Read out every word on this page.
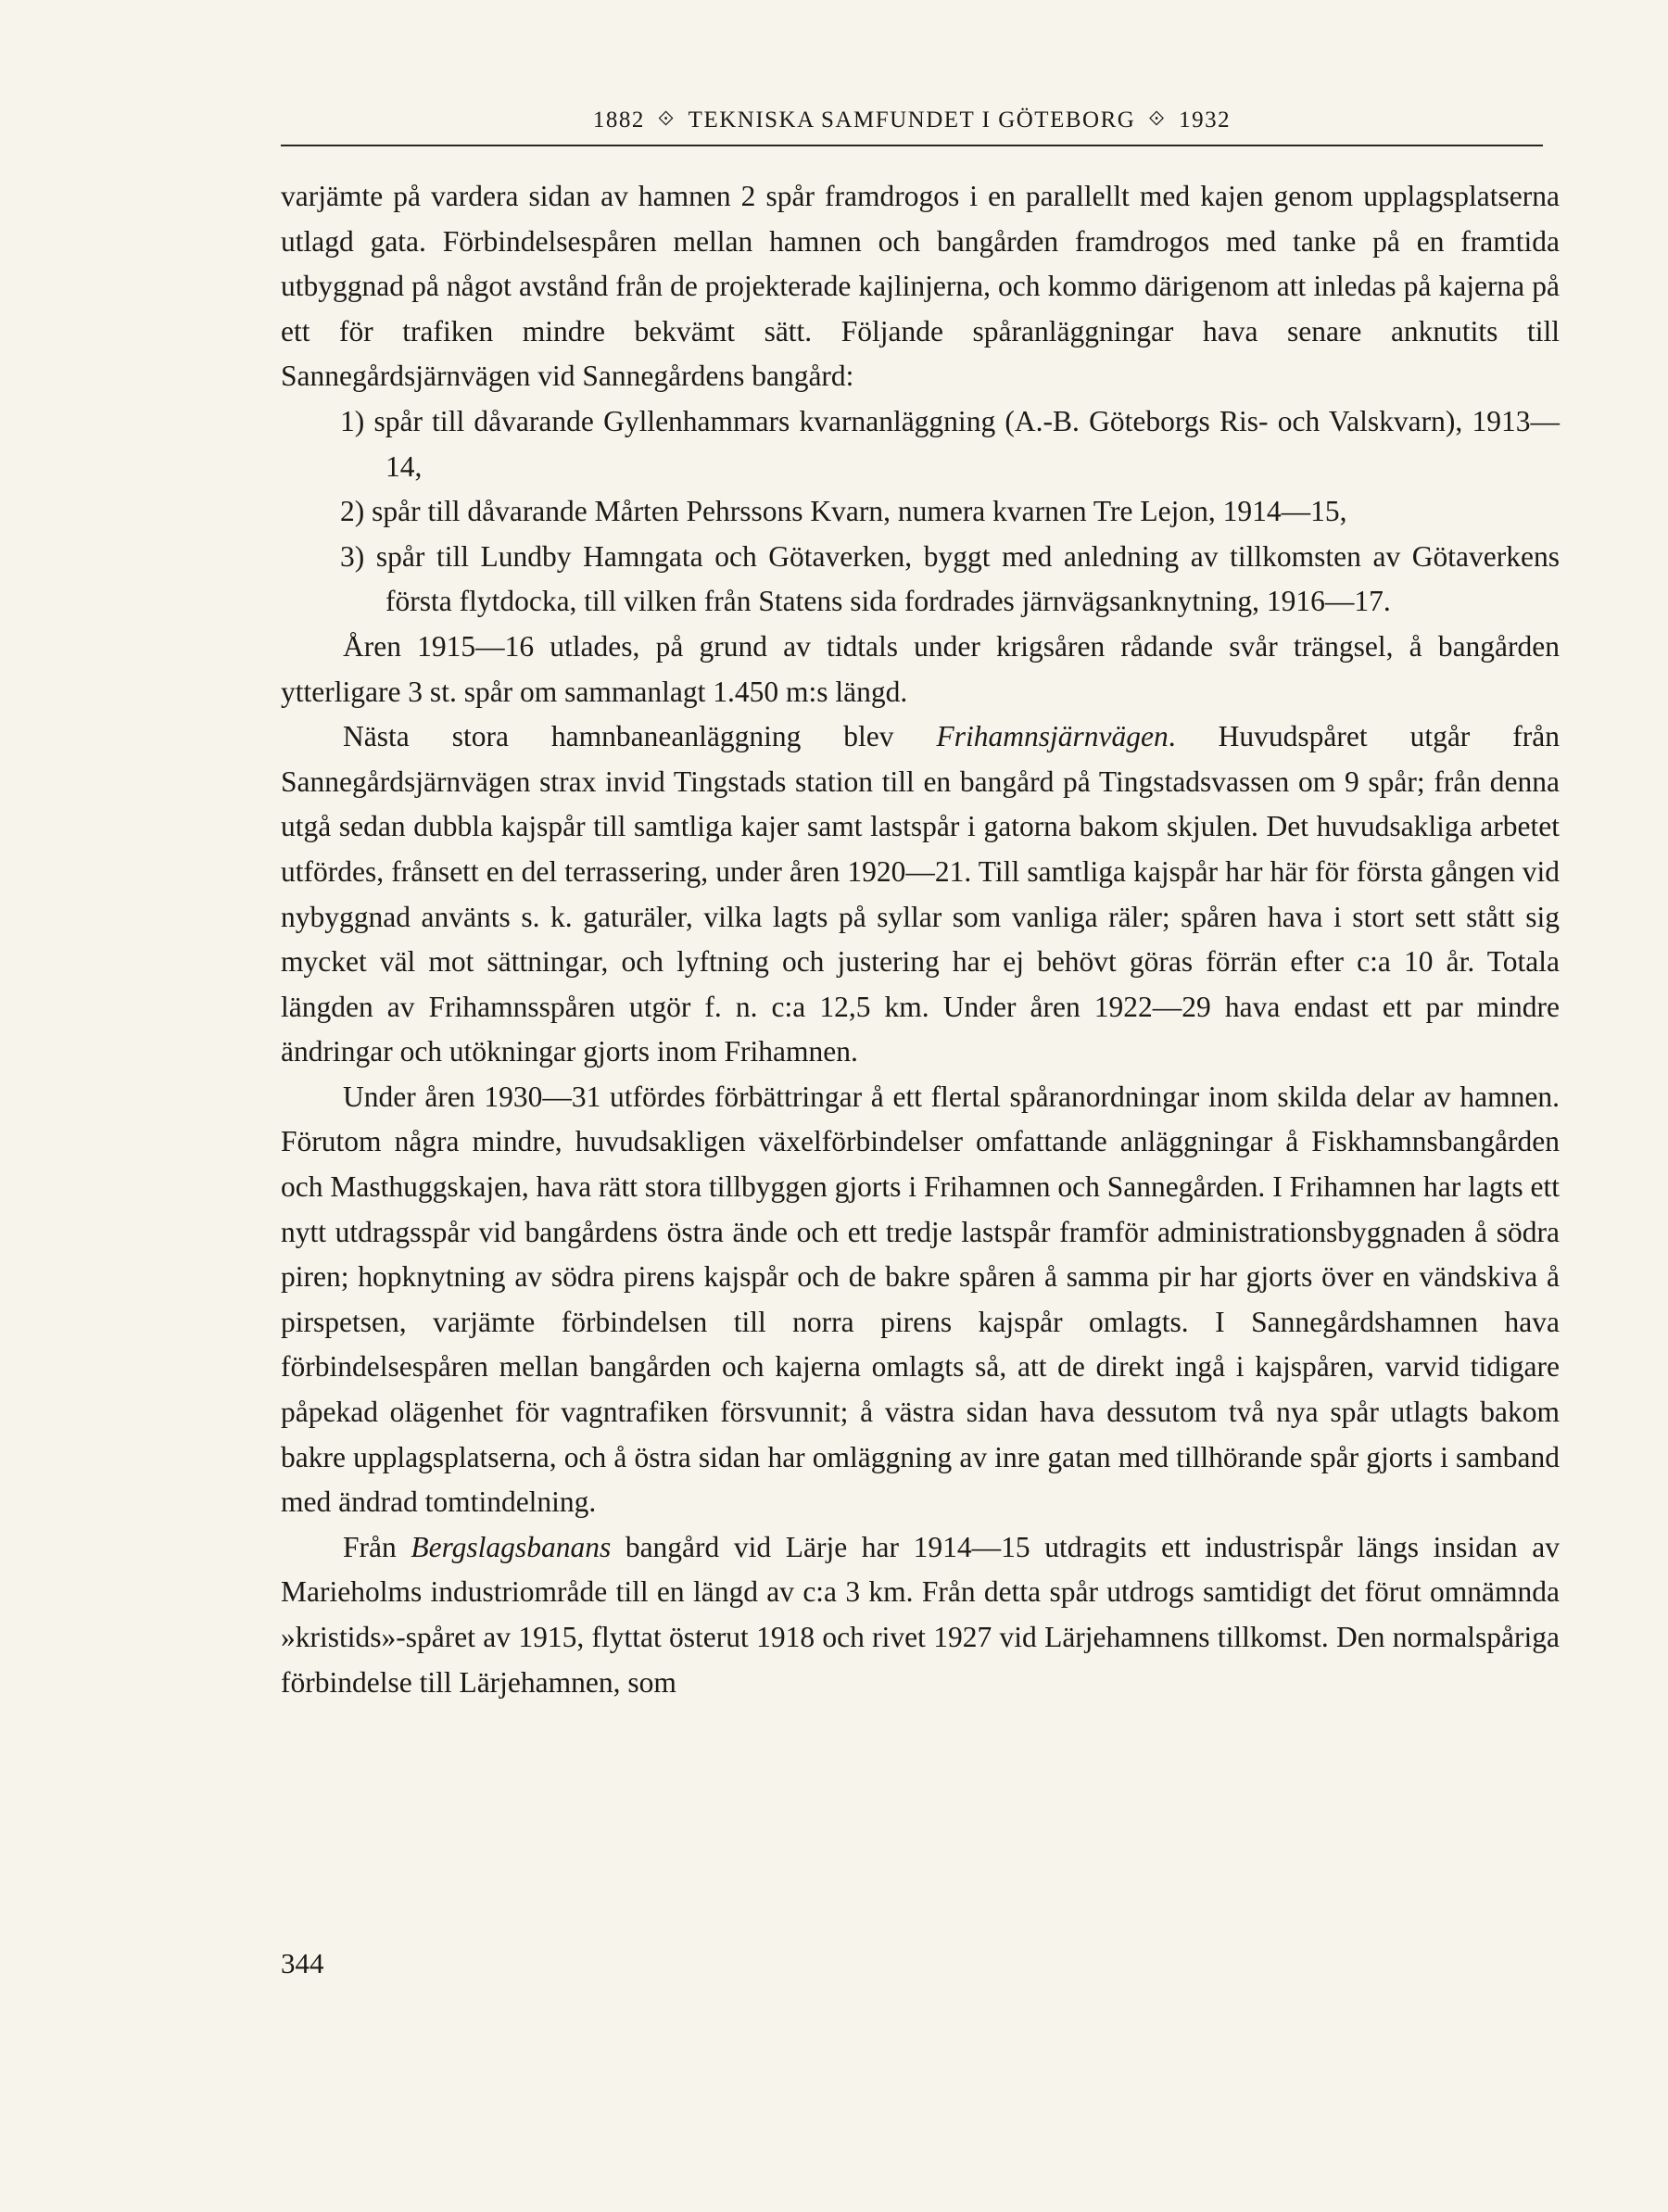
1882 ⟐ TEKNISKA SAMFUNDET I GÖTEBORG ⟐ 1932

varjämte på vardera sidan av hamnen 2 spår framdrogos i en parallellt med kajen genom upplagsplatserna utlagd gata. Förbindelsespåren mellan hamnen och bangården framdrogos med tanke på en framtida utbyggnad på något avstånd från de projekterade kajlinjerna, och kommo därigenom att inledas på kajerna på ett för trafiken mindre bekvämt sätt. Följande spåranläggningar hava senare anknutits till Sannegårdsjärnvägen vid Sannegårdens bangård:

1) spår till dåvarande Gyllenhammars kvarnanläggning (A.-B. Göteborgs Ris- och Valskvarn), 1913—14,

2) spår till dåvarande Mårten Pehrssons Kvarn, numera kvarnen Tre Lejon, 1914—15,

3) spår till Lundby Hamngata och Götaverken, byggt med anledning av tillkomsten av Götaverkens första flytdocka, till vilken från Statens sida fordrades järnvägsanknytning, 1916—17.

Åren 1915—16 utlades, på grund av tidtals under krigsåren rådande svår trängsel, å bangården ytterligare 3 st. spår om sammanlagt 1.450 m:s längd.

Nästa stora hamnbaneanläggning blev Frihamnsjärnvägen. Huvudspåret utgår från Sannegårdsjärnvägen strax invid Tingstads station till en bangård på Tingstadsvassen om 9 spår; från denna utgå sedan dubbla kajspår till samtliga kajer samt lastspår i gatorna bakom skjulen. Det huvudsakliga arbetet utfördes, frånsett en del terrassering, under åren 1920—21. Till samtliga kajspår har här för första gången vid nybyggnad använts s. k. gaturäler, vilka lagts på syllar som vanliga räler; spåren hava i stort sett stått sig mycket väl mot sättningar, och lyftning och justering har ej behövt göras förrän efter c:a 10 år. Totala längden av Frihamnsspåren utgör f. n. c:a 12,5 km. Under åren 1922—29 hava endast ett par mindre ändringar och utökningar gjorts inom Frihamnen.

Under åren 1930—31 utfördes förbättringar å ett flertal spåranordningar inom skilda delar av hamnen. Förutom några mindre, huvudsakligen växelförbindelser omfattande anläggningar å Fiskhamnsbangården och Masthuggskajen, hava rätt stora tillbyggen gjorts i Frihamnen och Sannegården. I Frihamnen har lagts ett nytt utdragsspår vid bangårdens östra ände och ett tredje lastspår framför administrationsbyggnaden å södra piren; hopknytning av södra pirens kajspår och de bakre spåren å samma pir har gjorts över en vändskiva å pirspetsen, varjämte förbindelsen till norra pirens kajspår omlagts. I Sannegårdshamnen hava förbindelsespåren mellan bangården och kajerna omlagts så, att de direkt ingå i kajspåren, varvid tidigare påpekad olägenhet för vagntrafiken försvunnit; å västra sidan hava dessutom två nya spår utlagts bakom bakre upplagsplatserna, och å östra sidan har omläggning av inre gatan med tillhörande spår gjorts i samband med ändrad tomtindelning.

Från Bergslagsbanans bangård vid Lärje har 1914—15 utdragits ett industrispår längs insidan av Marieholms industriområde till en längd av c:a 3 km. Från detta spår utdrogs samtidigt det förut omnämnda »kristids»-spåret av 1915, flyttat österut 1918 och rivet 1927 vid Lärjehamnens tillkomst. Den normalspåriga förbindelse till Lärjehamnen, som

344
